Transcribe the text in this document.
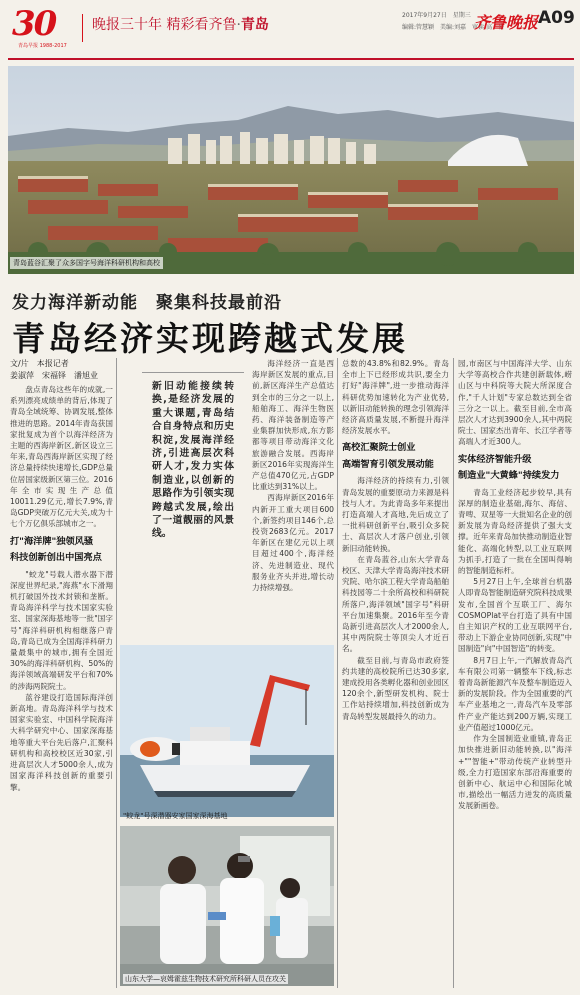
30
青岛早报 1988-2017
晚报三十年 精彩看齐鲁·青岛
2017年9月27日　星期三
编辑:管慧颖　美编:刘嘉　审读:高　岩
齐鲁晚报 A09
青岛蓝谷汇聚了众多国字号海洋科研机构和高校
发力海洋新动能　聚集科技最前沿
青岛经济实现跨越式发展
文/片　本报记者
姜淑萍　宋福铎　潘旭业

盘点青岛这些年的成就,一系列漂亮成绩单的背后,体现了青岛全域统筹、协调发展,整体推进的思路。2014年青岛获国家批复成为首个以海洋经济为主题的西海岸新区,新区设立三年来,青岛西海岸新区实现了经济总量持续快速增长,GDP总量位居国家级新区第三位。2016年全市实现生产总值10011.29亿元,增长7.9%,青岛GDP突破万亿元大关,成为十七个万亿俱乐部城市之一。

打"海洋牌"独领风骚
科技创新创出中国亮点

"蛟龙"号载人潜水器下潜深度世界纪录,"海燕"水下滑翔机打破国外技术封锁和垄断。青岛海洋科学与技术国家实验室、国家深海基地等一批"国字号"海洋科研机构相继落户青岛,青岛已成为全国海洋科研力量最集中的城市,拥有全国近30%的海洋科研机构、50%的海洋领域高端研发平台和70%的涉海两院院士。

蓝谷建设打造国际海洋创新高地。青岛海洋科学与技术国家实验室、中国科学院海洋大科学研究中心、国家深海基地等重大平台先后落户,汇聚科研机构和高校校区近30家,引进高层次人才5000余人,成为国家海洋科技创新的重要引擎。

新旧动能接续转换,是经济发展的重大课题,青岛结合自身特点和历史积淀,发展海洋经济,引进高层次科研人才,发力实体制造业,以创新的思路作为引领实现跨越式发展,绘出了一道靓丽的风景线。

海洋经济一直是西海岸新区发展的重点,目前,新区海洋生产总值达到全市的三分之一以上,船舶海工、海洋生物医药、海洋装备制造等产业集群加快形成,东方影都等项目带动海洋文化旅游融合发展。西海岸新区2016年实现海洋生产总值470亿元,占GDP比重达到31%以上。

西海岸新区2016年内新开工重大项目600个,新签约项目146个,总投资2683亿元。2017年新区在建亿元以上项目超过400个,海洋经济、先进制造业、现代服务业齐头并进,增长动力持续增强。

"蛟龙"号深潜器安家国家深海基地
山东大学—哀姆霍兹生物技术研究所科研人员在攻关

总数的43.8%和82.9%。青岛全市上下已经形成共识,要全力打好"海洋牌",进一步推动海洋科研优势加速转化为产业优势,以新旧动能转换的理念引领海洋经济高质量发展,不断提升海洋经济发展水平。

高校汇聚院士创业
高端智育引领发展动能

海洋经济的持续有力,引领青岛发展的重要原动力来源是科技与人才。为此青岛多年来提出打造高端人才高地,先后成立了一批科研创新平台,吸引众多院士、高层次人才落户创业,引领新旧动能转换。

在青岛蓝谷,山东大学青岛校区、天津大学青岛海洋技术研究院、哈尔滨工程大学青岛船舶科技园等二十余所高校和科研院所落户,海洋领域"国字号"科研平台加速集聚。2016年至今青岛新引进高层次人才2000余人,其中两院院士等顶尖人才近百名。

截至目前,与青岛市政府签约共建的高校院所已达30多家,建成投用各类孵化器和创业园区120余个,新型研发机构、院士工作站持续增加,科技创新成为青岛转型发展最持久的动力。

园,市南区与中国海洋大学、山东大学等高校合作共建创新载体,崂山区与中科院等大院大所深度合作,"千人计划"专家总数达到全省三分之一以上。截至目前,全市高层次人才达到3900余人,其中两院院士、国家杰出青年、长江学者等高端人才近300人。

实体经济智能升级
制造业"大黄蜂"持续发力

青岛工业经济起步较早,具有深厚的制造业基础,海尔、海信、青啤、双星等一大批知名企业的创新发展为青岛经济提供了强大支撑。近年来青岛加快推动制造业智能化、高端化转型,以工业互联网为抓手,打造了一批在全国叫得响的智能制造标杆。

5月27日上午,全球首台机器人即青岛智能制造研究院科技成果发布,全国首个互联工厂、海尔COSMOPlat平台打造了具有中国自主知识产权的工业互联网平台,带动上下游企业协同创新,实现"中国制造"向"中国智造"的转变。

8月7日上午,一汽解放青岛汽车有限公司第一辆整车下线,标志着青岛新能源汽车及整车制造迈入新的发展阶段。作为全国重要的汽车产业基地之一,青岛汽车及零部件产业产能达到200万辆,实现工业产值超过1000亿元。

作为全国制造业重镇,青岛正加快推进新旧动能转换,以"海洋+""智能+"带动传统产业转型升级,全力打造国家东部沿海重要的创新中心、航运中心和国际化城市,描绘出一幅活力迸发的高质量发展新画卷。
